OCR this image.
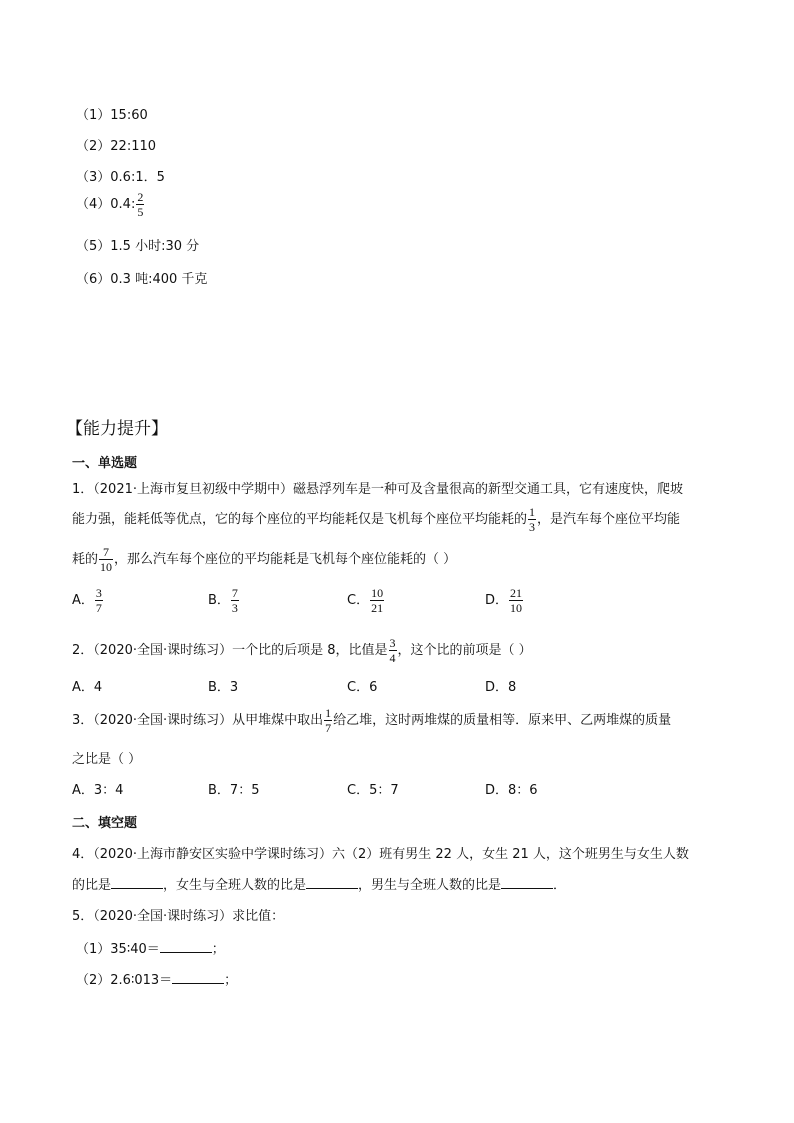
（1）15:60
（2）22:110
（3）0.6:1．5
（4）0.4: $\frac{2}{5}$
（5）1.5 小时:30 分
（6）0.3 吨:400 千克
【能力提升】
一、单选题
1．（2021·上海市复旦初级中学期中）磁悬浮列车是一种可及含量很高的新型交通工具，它有速度快，爬坡
能力强，能耗低等优点，它的每个座位的平均能耗仅是飞机每个座位平均能耗的 $\frac{1}{3}$ ，是汽车每个座位平均能
耗的 $\frac{7}{10}$ ，那么汽车每个座位的平均能耗是飞机每个座位能耗的（ ）
A． $\frac{3}{7}$	B． $\frac{7}{3}$	C． $\frac{10}{21}$	D． $\frac{21}{10}$
2．（2020·全国·课时练习）一个比的后项是 8，比值是 $\frac{3}{4}$ ，这个比的前项是（ ）
A．4	B．3	C．6	D．8
3．（2020·全国·课时练习）从甲堆煤中取出 $\frac{1}{7}$ 给乙堆，这时两堆煤的质量相等．原来甲、乙两堆煤的质量
之比是（ ）
A．3：4	B．7：5	C．5：7	D．8：6
二、填空题
4．（2020·上海市静安区实验中学课时练习）六（2）班有男生 22 人，女生 21 人，这个班男生与女生人数
的比是	，女生与全班人数的比是	，男生与全班人数的比是	．
5．（2020·全国·课时练习）求比值：
（1）35∶40＝	；
（2）2.6∶013＝	；
